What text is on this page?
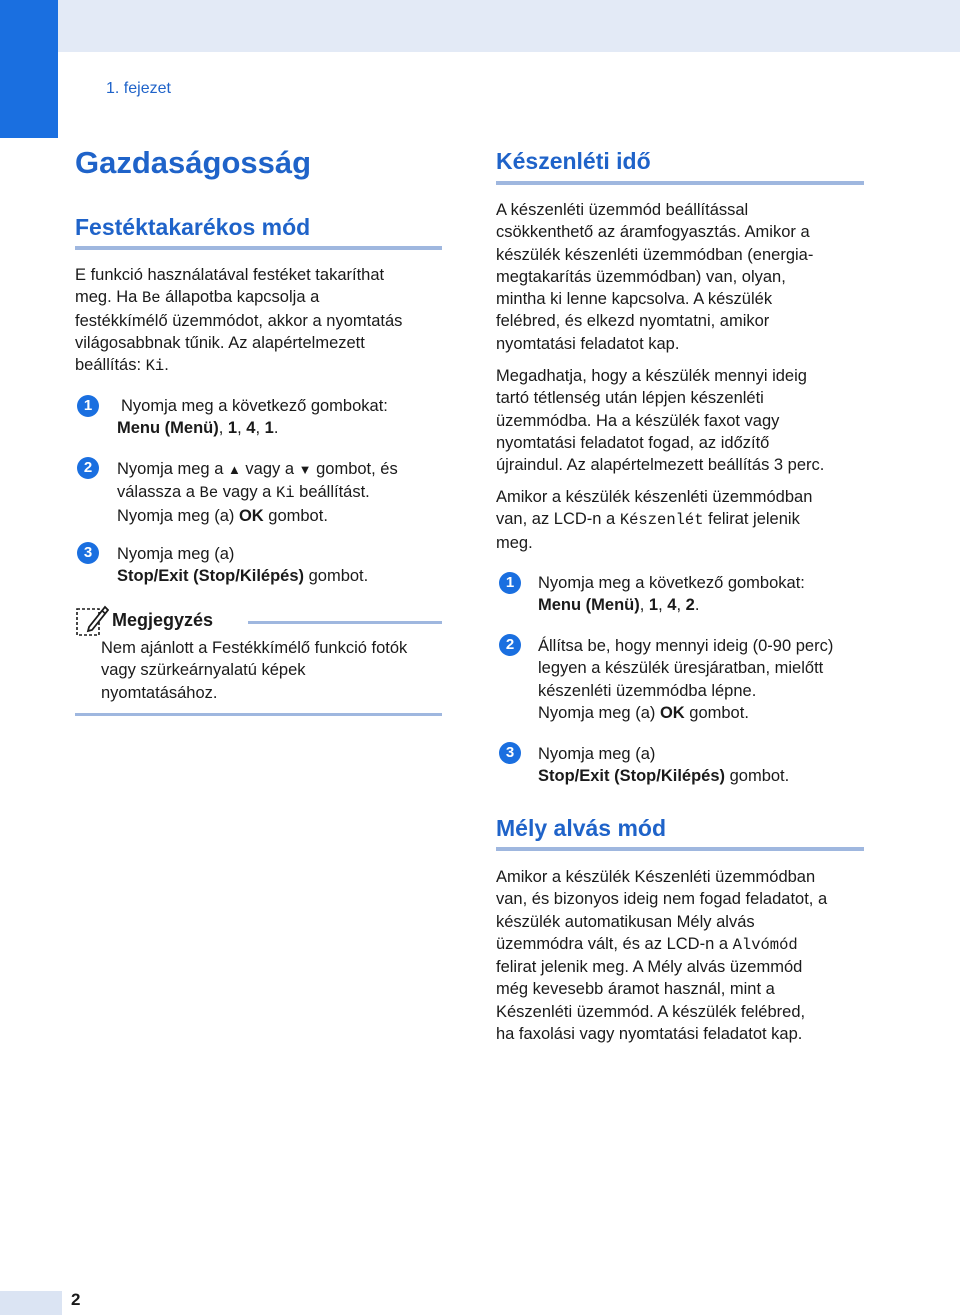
1. fejezet
Gazdaságosság
Festéktakarékos mód
E funkció használatával festéket takaríthat
meg. Ha Be állapotba kapcsolja a
festékkímélő üzemmódot, akkor a nyomtatás
világosabbnak tűnik. Az alapértelmezett
beállítás: Ki.
1	Nyomja meg a következő gombokat:
Menu (Menü), 1, 4, 1.
2	Nyomja meg a ▲ vagy a ▼ gombot, és
válassza a Be vagy a Ki beállítást.
Nyomja meg (a) OK gombot.
3	Nyomja meg (a)
Stop/Exit (Stop/Kilépés) gombot.
Megjegyzés
Nem ajánlott a Festékkímélő funkció fotók
vagy szürkeárnyalatú képek
nyomtatásához.
Készenléti idő
A készenléti üzemmód beállítással
csökkenthető az áramfogyasztás. Amikor a
készülék készenléti üzemmódban (energia-
megtakarítás üzemmódban) van, olyan,
mintha ki lenne kapcsolva. A készülék
felébred, és elkezd nyomtatni, amikor
nyomtatási feladatot kap.
Megadhatja, hogy a készülék mennyi ideig
tartó tétlenség után lépjen készenléti
üzemmódba. Ha a készülék faxot vagy
nyomtatási feladatot fogad, az időzítő
újraindul. Az alapértelmezett beállítás 3 perc.
Amikor a készülék készenléti üzemmódban
van, az LCD-n a Készenlét felirat jelenik
meg.
1	Nyomja meg a következő gombokat:
Menu (Menü), 1, 4, 2.
2	Állítsa be, hogy mennyi ideig (0-90 perc)
legyen a készülék üresjáratban, mielőtt
készenléti üzemmódba lépne.
Nyomja meg (a) OK gombot.
3	Nyomja meg (a)
Stop/Exit (Stop/Kilépés) gombot.
Mély alvás mód
Amikor a készülék Készenléti üzemmódban
van, és bizonyos ideig nem fogad feladatot, a
készülék automatikusan Mély alvás
üzemmódra vált, és az LCD-n a Alvómód
felirat jelenik meg. A Mély alvás üzemmód
még kevesebb áramot használ, mint a
Készenléti üzemmód. A készülék felébred,
ha faxolási vagy nyomtatási feladatot kap.
2
